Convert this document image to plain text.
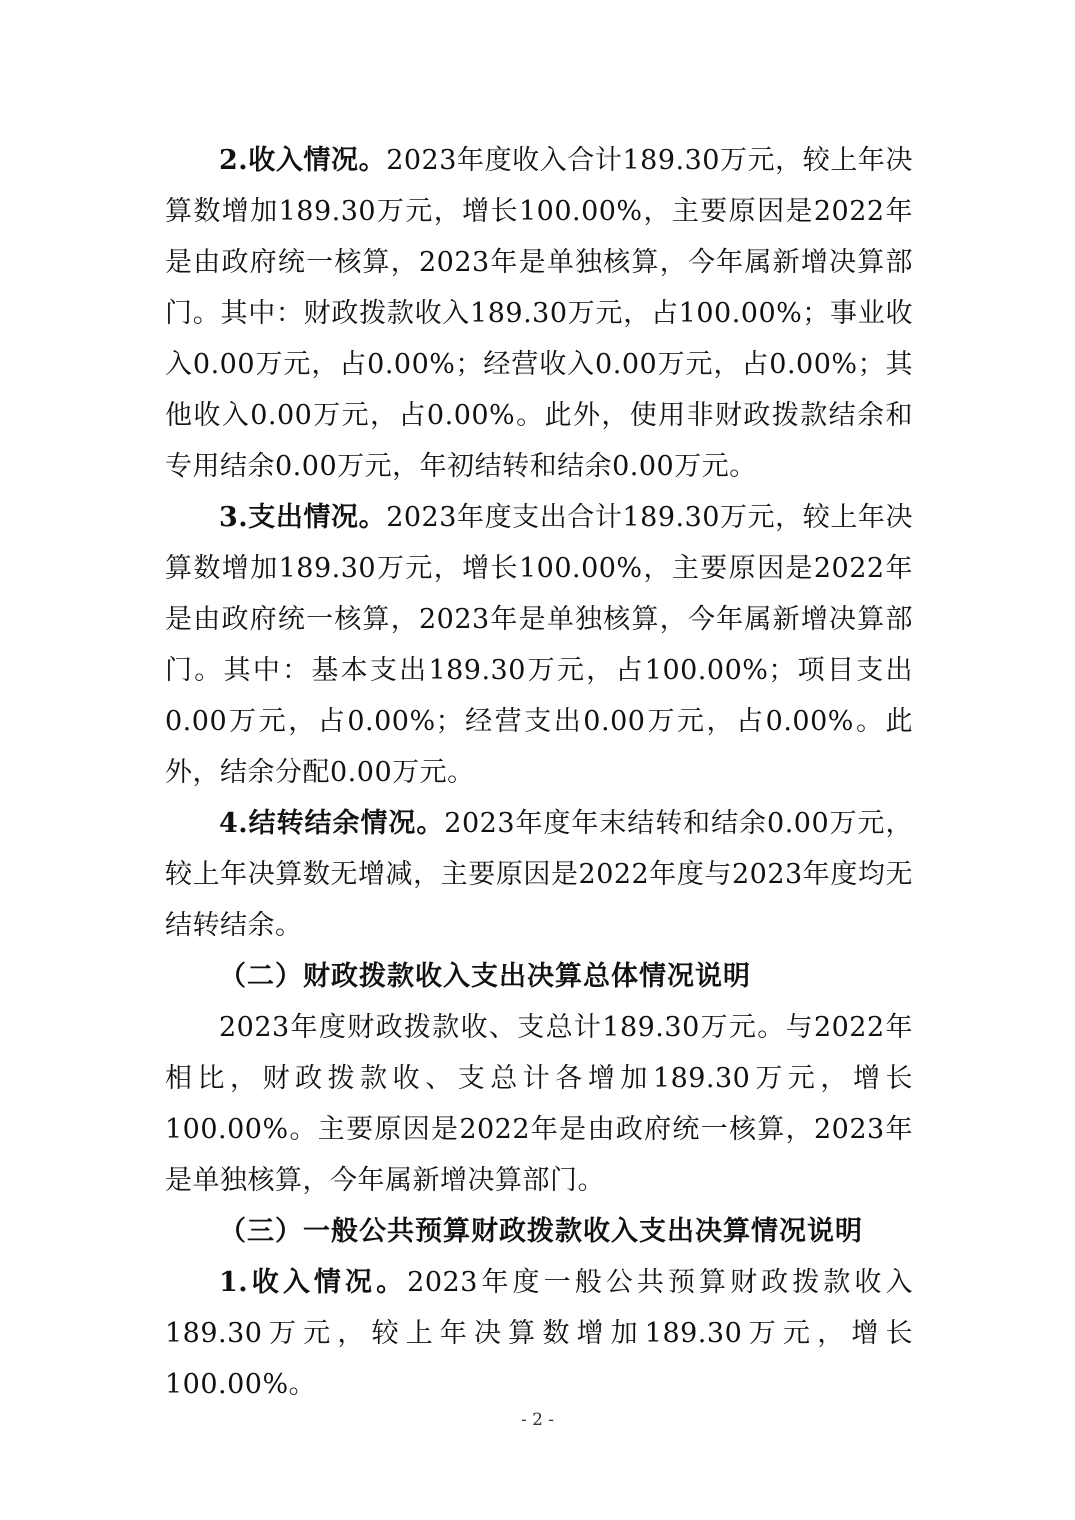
2.收入情况。2023年度收入合计189.30万元，较上年决算数增加189.30万元，增长100.00%，主要原因是2022年是由政府统一核算，2023年是单独核算，今年属新增决算部门。其中：财政拨款收入189.30万元，占100.00%；事业收入0.00万元，占0.00%；经营收入0.00万元，占0.00%；其他收入0.00万元，占0.00%。此外，使用非财政拨款结余和专用结余0.00万元，年初结转和结余0.00万元。

3.支出情况。2023年度支出合计189.30万元，较上年决算数增加189.30万元，增长100.00%，主要原因是2022年是由政府统一核算，2023年是单独核算，今年属新增决算部门。其中：基本支出189.30万元，占100.00%；项目支出0.00万元，占0.00%；经营支出0.00万元，占0.00%。此外，结余分配0.00万元。

4.结转结余情况。2023年度年末结转和结余0.00万元，较上年决算数无增减，主要原因是2022年度与2023年度均无结转结余。

（二）财政拨款收入支出决算总体情况说明

2023年度财政拨款收、支总计189.30万元。与2022年相比，财政拨款收、支总计各增加189.30万元，增长100.00%。主要原因是2022年是由政府统一核算，2023年是单独核算，今年属新增决算部门。

（三）一般公共预算财政拨款收入支出决算情况说明

1.收入情况。2023年度一般公共预算财政拨款收入189.30万元，较上年决算数增加189.30万元，增长100.00%。

- 2 -
